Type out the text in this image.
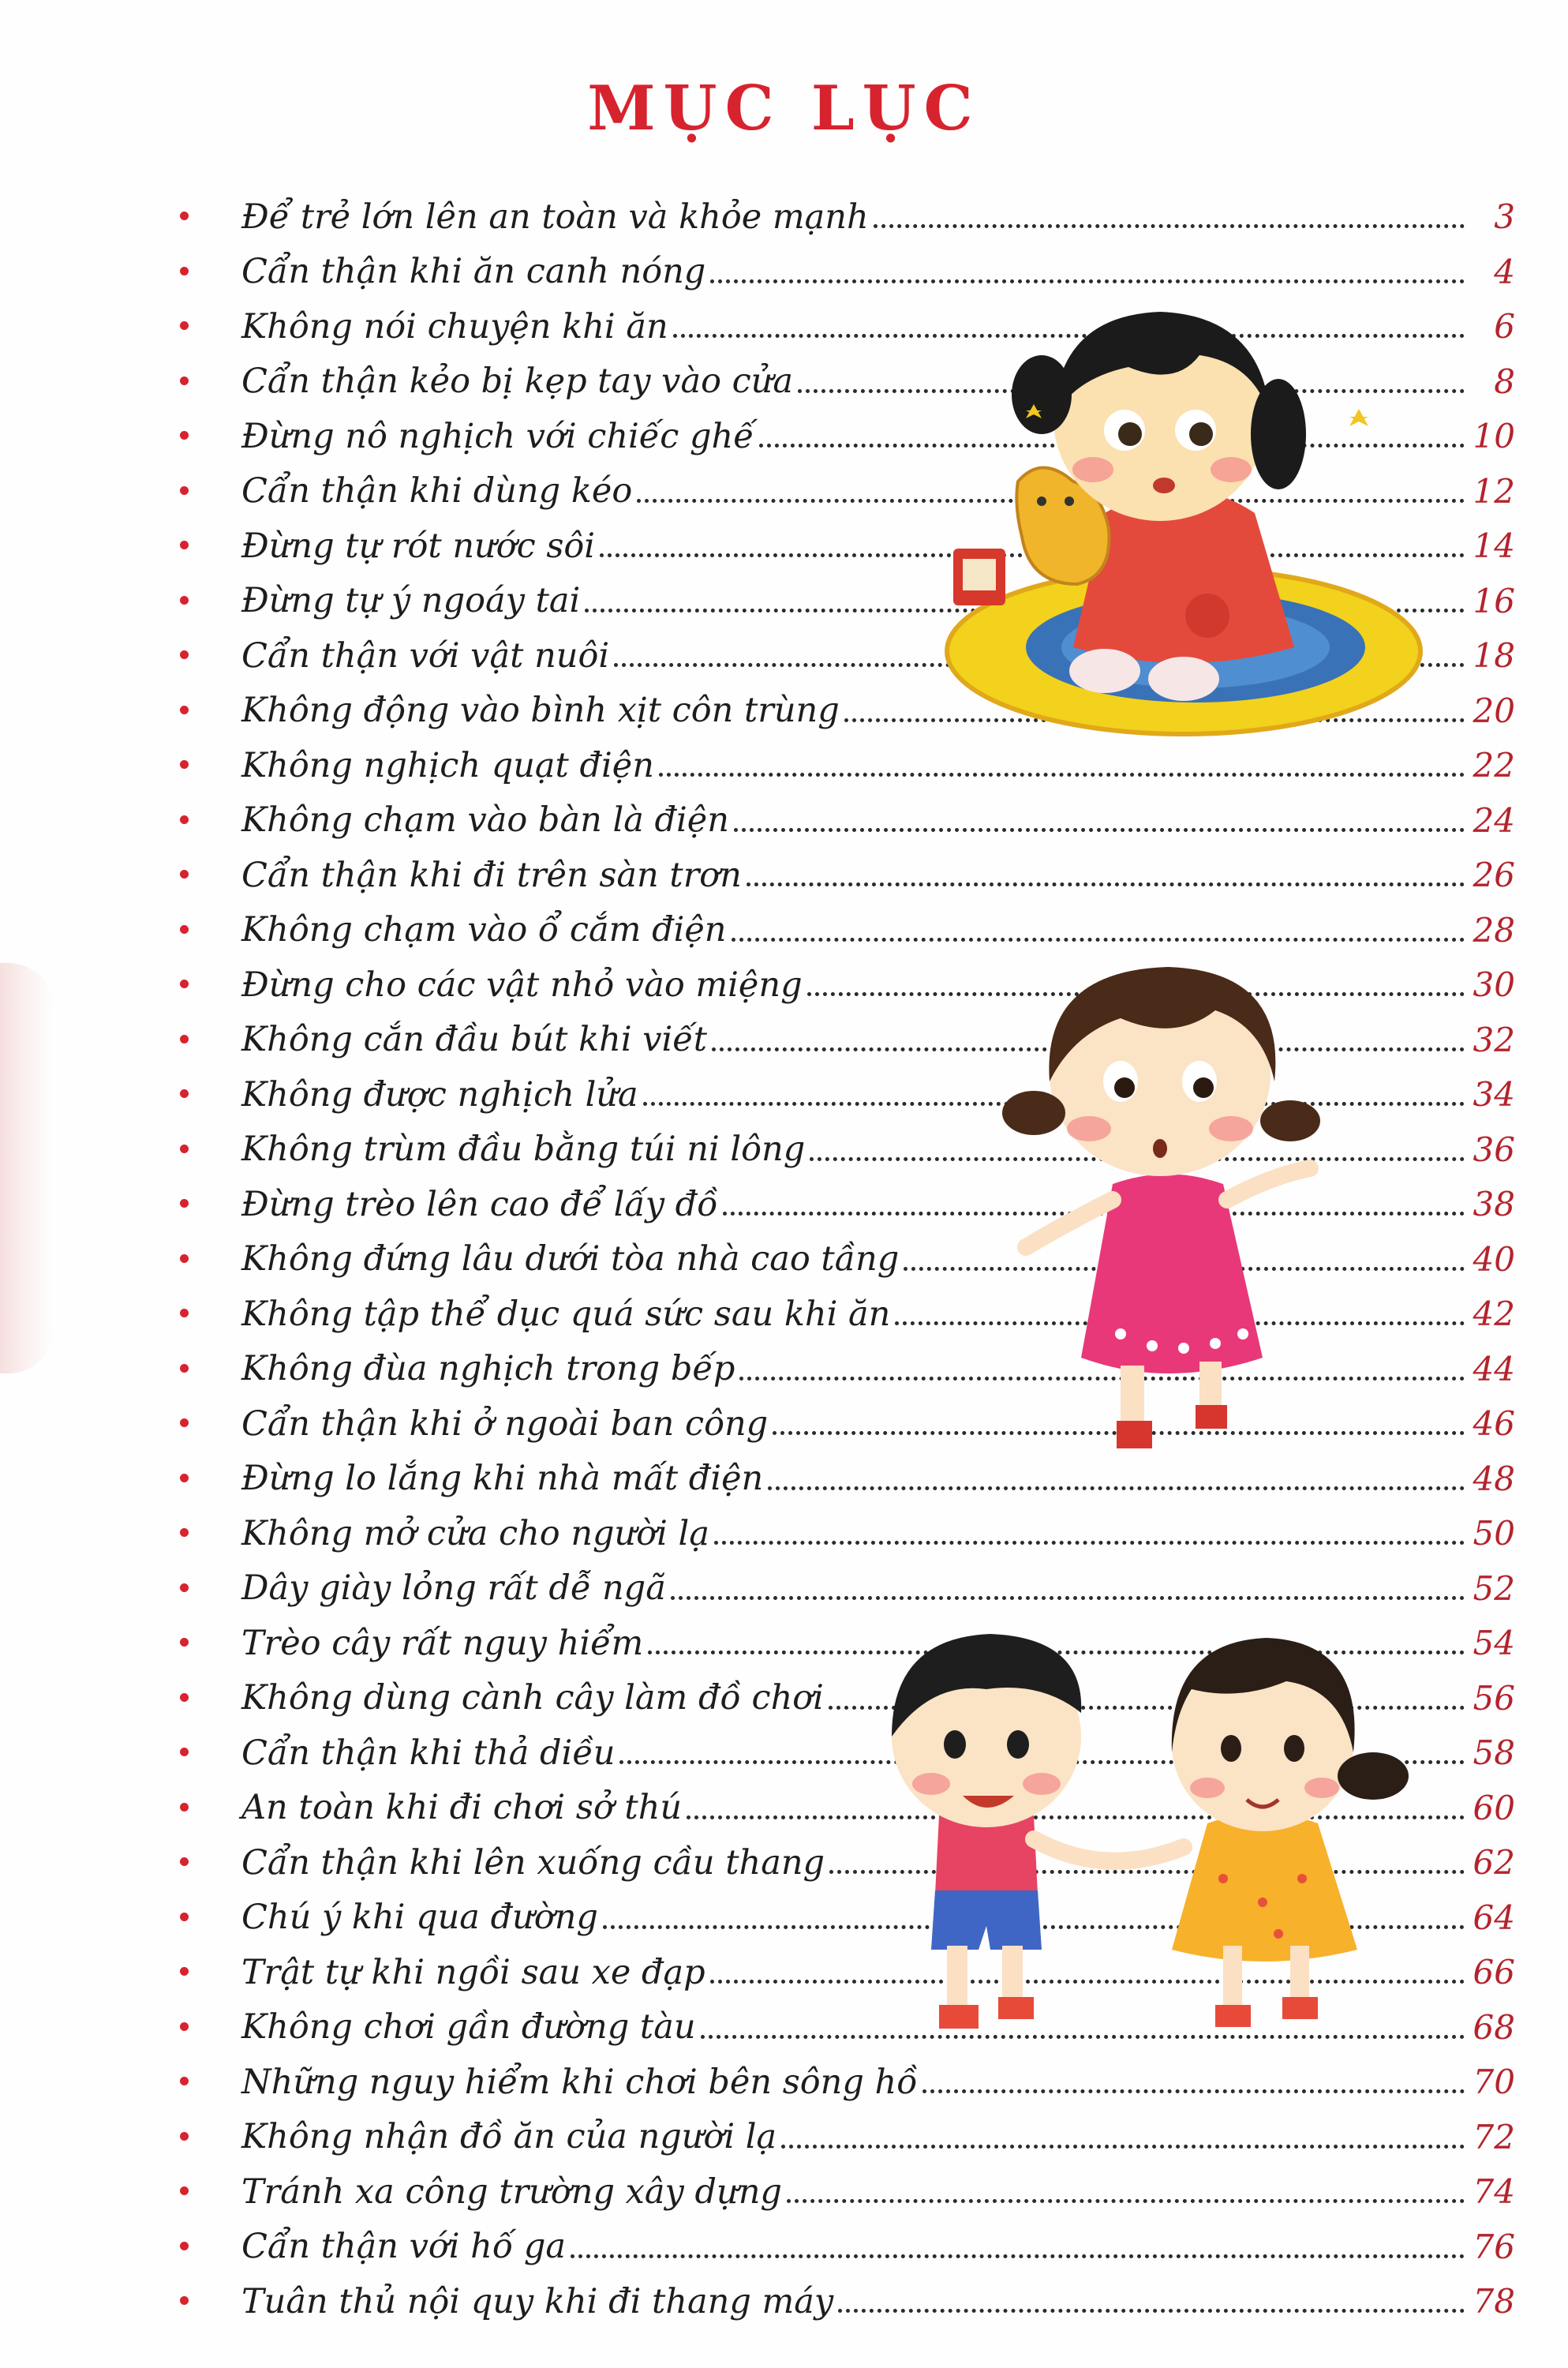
MỤC LỤC
Để trẻ lớn lên an toàn và khỏe mạnh	3
Cẩn thận khi ăn canh nóng	4
Không nói chuyện khi ăn	6
Cẩn thận kẻo bị kẹp tay vào cửa	8
Đừng nô nghịch với chiếc ghế	10
Cẩn thận khi dùng kéo	12
Đừng tự rót nước sôi	14
Đừng tự ý ngoáy tai	16
Cẩn thận với vật nuôi	18
Không động vào bình xịt côn trùng	20
Không nghịch quạt điện	22
Không chạm vào bàn là điện	24
Cẩn thận khi đi trên sàn trơn	26
Không chạm vào ổ cắm điện	28
Đừng cho các vật nhỏ vào miệng	30
Không cắn đầu bút khi viết	32
Không được nghịch lửa	34
Không trùm đầu bằng túi ni lông	36
Đừng trèo lên cao để lấy đồ	38
Không đứng lâu dưới tòa nhà cao tầng	40
Không tập thể dục quá sức sau khi ăn	42
Không đùa nghịch trong bếp	44
Cẩn thận khi ở ngoài ban công	46
Đừng lo lắng khi nhà mất điện	48
Không mở cửa cho người lạ	50
Dây giày lỏng rất dễ ngã	52
Trèo cây rất nguy hiểm	54
Không dùng cành cây làm đồ chơi	56
Cẩn thận khi thả diều	58
An toàn khi đi chơi sở thú	60
Cẩn thận khi lên xuống cầu thang	62
Chú ý khi qua đường	64
Trật tự khi ngồi sau xe đạp	66
Không chơi gần đường tàu	68
Những nguy hiểm khi chơi bên sông hồ	70
Không nhận đồ ăn của người lạ	72
Tránh xa công trường xây dựng	74
Cẩn thận với hố ga	76
Tuân thủ nội quy khi đi thang máy	78
